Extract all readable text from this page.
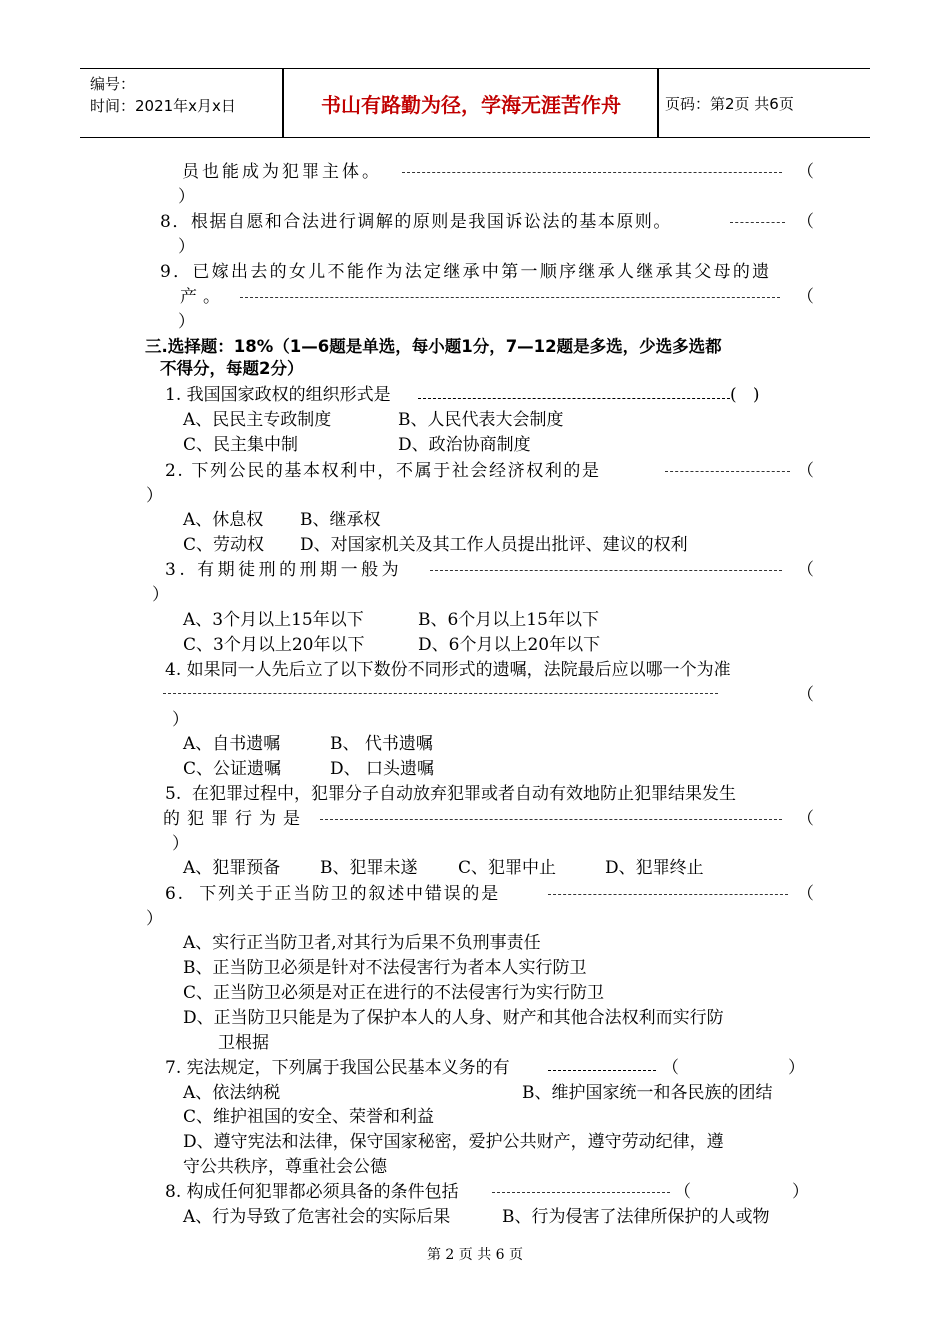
编号：
时间：2021年x月x日	书山有路勤为径，学海无涯苦作舟	页码：第2页 共6页
员也能成为犯罪主体。	（
）
8．根据自愿和合法进行调解的原则是我国诉讼法的基本原则。	（
）
9．已嫁出去的女儿不能作为法定继承中第一顺序继承人继承其父母的遗
产。	（
）
三.选择题：18%（1—6题是单选，每小题1分，7—12题是多选，少选多选都
不得分，每题2分）
1. 我国国家政权的组织形式是	(   )
A、民民主专政制度	B、人民代表大会制度
C、民主集中制	D、政治协商制度
2. 下列公民的基本权利中，不属于社会经济权利的是	（
）
A、休息权 B、继承权
C、劳动权 D、对国家机关及其工作人员提出批评、建议的权利
3. 有期徒刑的刑期一般为	（
）
A、3个月以上15年以下	B、6个月以上15年以下
C、3个月以上20年以下	D、6个月以上20年以下
4. 如果同一人先后立了以下数份不同形式的遗嘱，法院最后应以哪一个为准
（
）
A、自书遗嘱	B、 代书遗嘱
C、公证遗嘱	D、 口头遗嘱
5.  在犯罪过程中，犯罪分子自动放弃犯罪或者自动有效地防止犯罪结果发生
的犯罪行为是	（
）
A、犯罪预备 B、犯罪未遂 C、犯罪中止	D、犯罪终止
6.  下列关于正当防卫的叙述中错误的是	（
）
A、实行正当防卫者,对其行为后果不负刑事责任
B、正当防卫必须是针对不法侵害行为者本人实行防卫
C、正当防卫必须是对正在进行的不法侵害行为实行防卫
D、正当防卫只能是为了保护本人的人身、财产和其他合法权利而实行防
卫根据
7. 宪法规定，下列属于我国公民基本义务的有	（	）
A、依法纳税	B、维护国家统一和各民族的团结
C、维护祖国的安全、荣誉和利益
D、遵守宪法和法律，保守国家秘密，爱护公共财产，遵守劳动纪律，遵
守公共秩序，尊重社会公德
8. 构成任何犯罪都必须具备的条件包括	（	）
A、行为导致了危害社会的实际后果	B、行为侵害了法律所保护的人或物
第 2 页 共 6 页
